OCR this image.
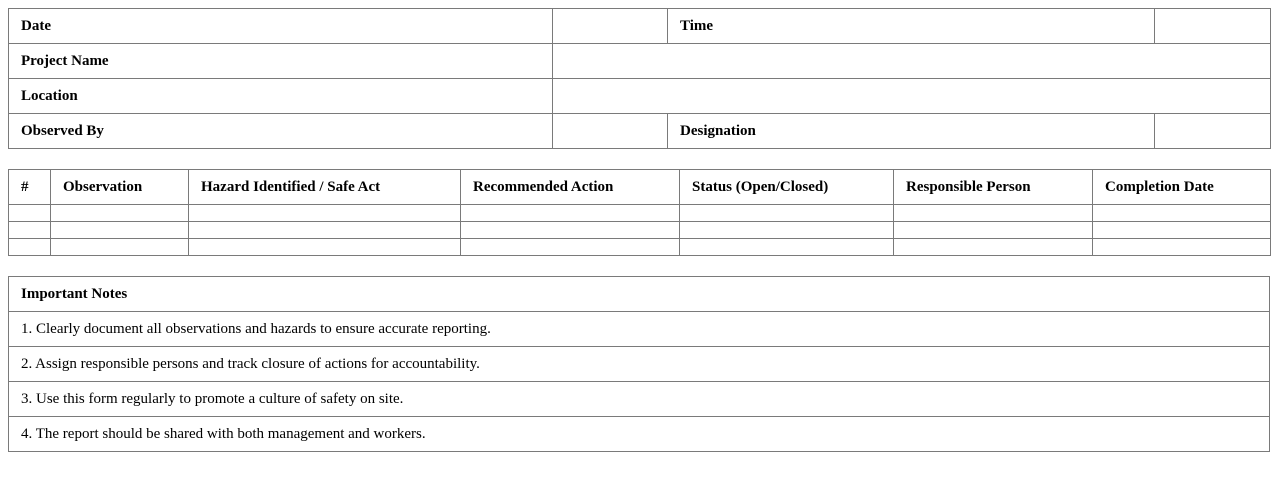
Date		Time	
Project Name			
Location			
Observed By		Designation	
#	Observation	Hazard Identified / Safe Act	Recommended Action	Status (Open/Closed)	Responsible Person	Completion Date

Important Notes
1. Clearly document all observations and hazards to ensure accurate reporting.
2. Assign responsible persons and track closure of actions for accountability.
3. Use this form regularly to promote a culture of safety on site.
4. The report should be shared with both management and workers.
